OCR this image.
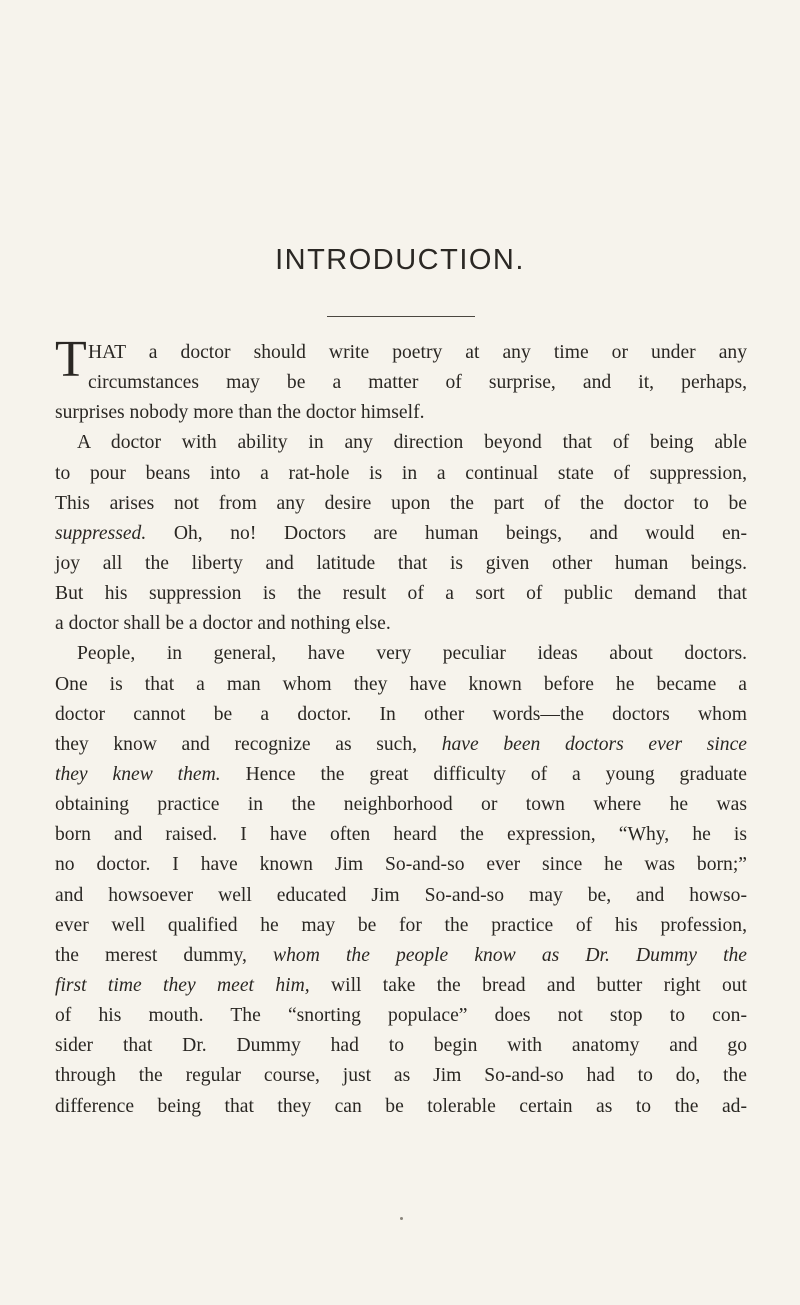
INTRODUCTION.
T HAT a doctor should write poetry at any time or under any
circumstances may be a matter of surprise, and it, perhaps,
surprises nobody more than the doctor himself.
A doctor with ability in any direction beyond that of being able
to pour beans into a rat-hole is in a continual state of suppression,
This arises not from any desire upon the part of the doctor to be
suppressed. Oh, no! Doctors are human beings, and would en-
joy all the liberty and latitude that is given other human beings.
But his suppression is the result of a sort of public demand that
a doctor shall be a doctor and nothing else.
People, in general, have very peculiar ideas about doctors.
One is that a man whom they have known before he became a
doctor cannot be a doctor. In other words—the doctors whom
they know and recognize as such, have been doctors ever since
they knew them. Hence the great difficulty of a young graduate
obtaining practice in the neighborhood or town where he was
born and raised. I have often heard the expression, “Why, he is
no doctor. I have known Jim So-and-so ever since he was born;”
and howsoever well educated Jim So-and-so may be, and howso-
ever well qualified he may be for the practice of his profession,
the merest dummy, whom the people know as Dr. Dummy the
first time they meet him, will take the bread and butter right out
of his mouth. The “snorting populace” does not stop to con-
sider that Dr. Dummy had to begin with anatomy and go
through the regular course, just as Jim So-and-so had to do, the
difference being that they can be tolerable certain as to the ad-
